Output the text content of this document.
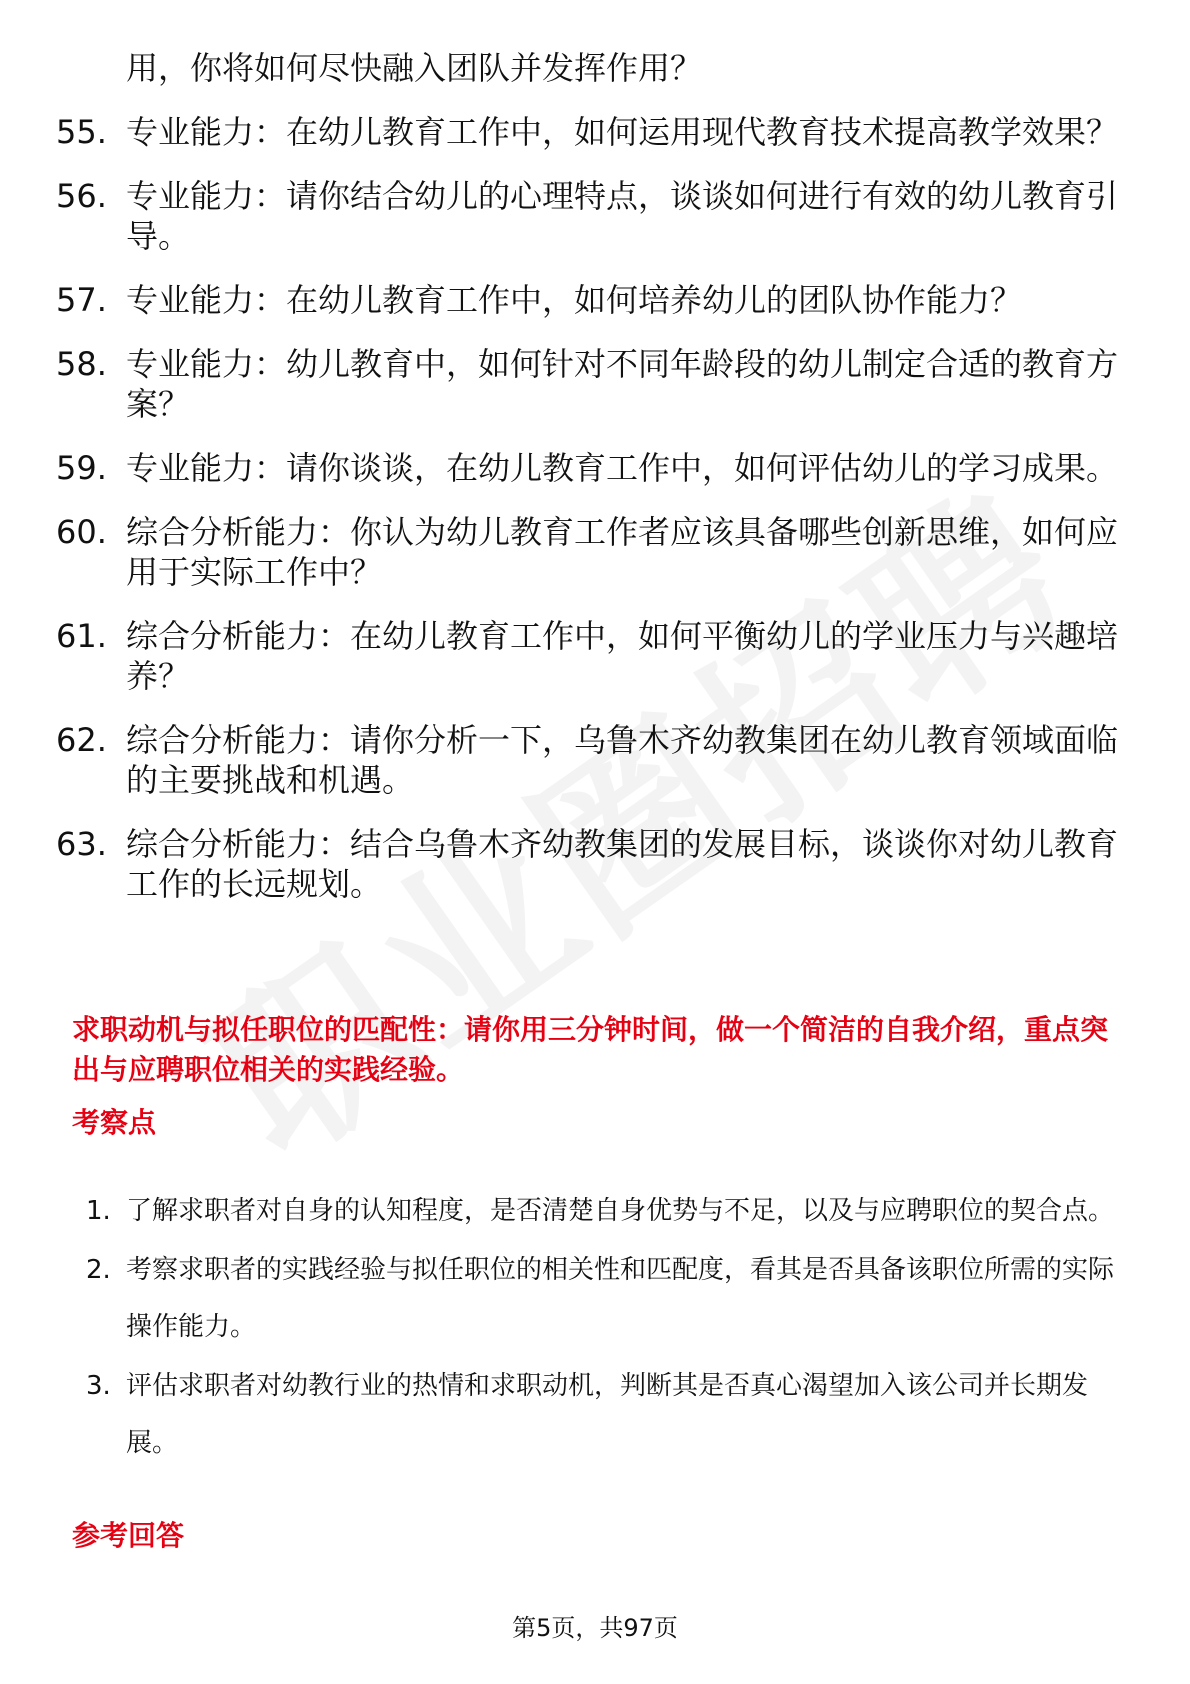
用，你将如何尽快融入团队并发挥作用？
55. 专业能力：在幼儿教育工作中，如何运用现代教育技术提高教学效果？
56. 专业能力：请你结合幼儿的心理特点，谈谈如何进行有效的幼儿教育引导。
57. 专业能力：在幼儿教育工作中，如何培养幼儿的团队协作能力？
58. 专业能力：幼儿教育中，如何针对不同年龄段的幼儿制定合适的教育方案？
59. 专业能力：请你谈谈，在幼儿教育工作中，如何评估幼儿的学习成果。
60. 综合分析能力：你认为幼儿教育工作者应该具备哪些创新思维，如何应用于实际工作中？
61. 综合分析能力：在幼儿教育工作中，如何平衡幼儿的学业压力与兴趣培养？
62. 综合分析能力：请你分析一下，乌鲁木齐幼教集团在幼儿教育领域面临的主要挑战和机遇。
63. 综合分析能力：结合乌鲁木齐幼教集团的发展目标，谈谈你对幼儿教育工作的长远规划。
求职动机与拟任职位的匹配性：请你用三分钟时间，做一个简洁的自我介绍，重点突出与应聘职位相关的实践经验。
考察点
1. 了解求职者对自身的认知程度，是否清楚自身优势与不足，以及与应聘职位的契合点。
2. 考察求职者的实践经验与拟任职位的相关性和匹配度，看其是否具备该职位所需的实际操作能力。
3. 评估求职者对幼教行业的热情和求职动机，判断其是否真心渴望加入该公司并长期发展。
参考回答
第5页，共97页
